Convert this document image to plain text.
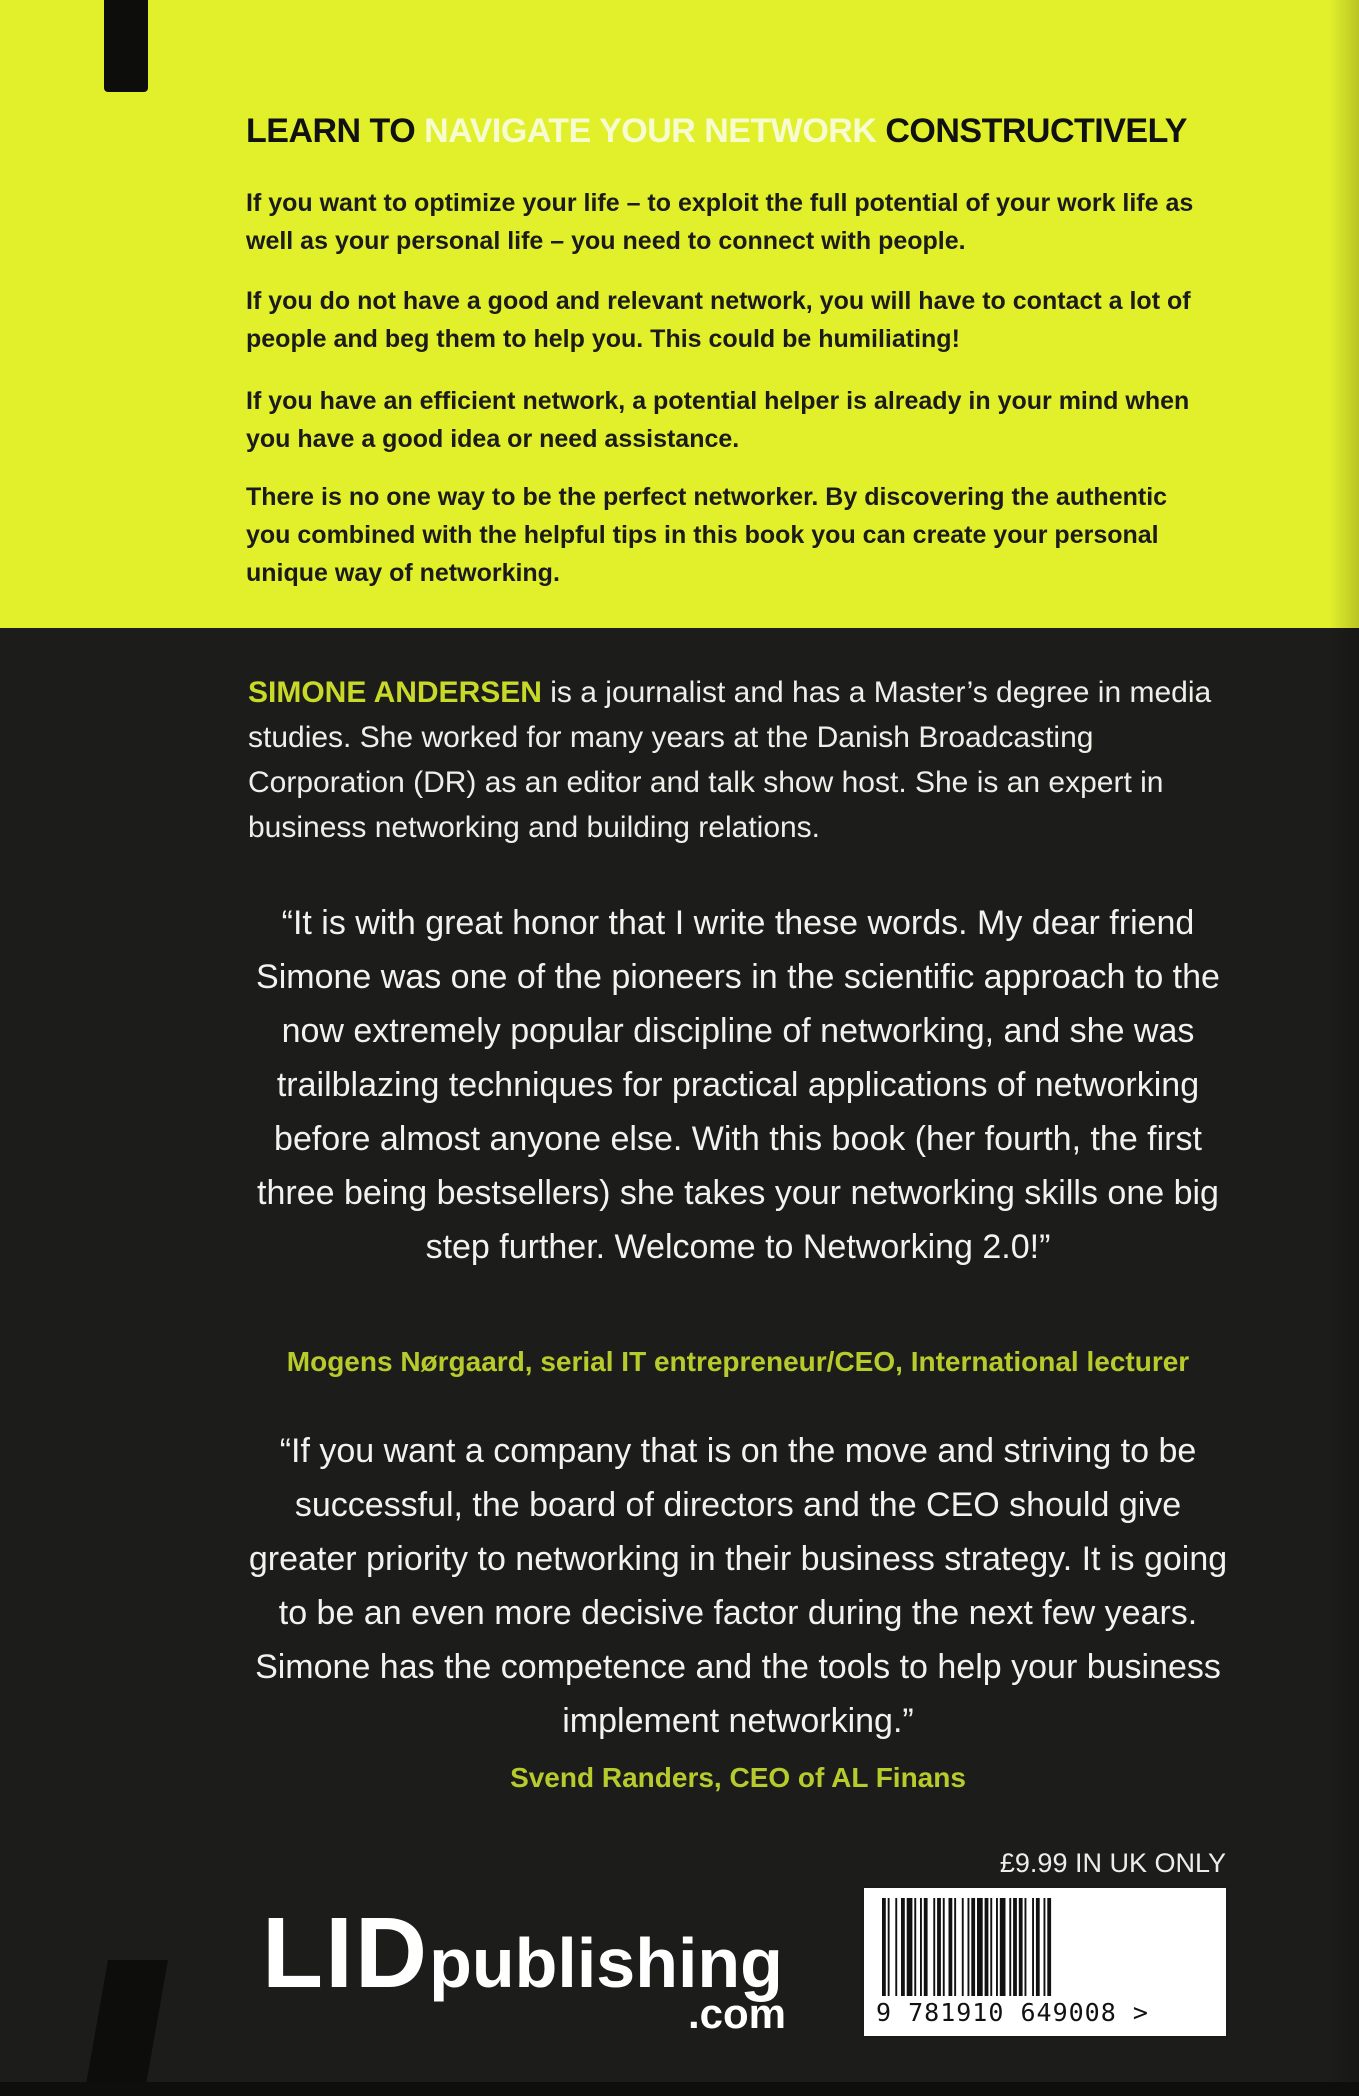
LEARN TO NAVIGATE YOUR NETWORK CONSTRUCTIVELY

If you want to optimize your life – to exploit the full potential of your work life as well as your personal life – you need to connect with people.

If you do not have a good and relevant network, you will have to contact a lot of people and beg them to help you. This could be humiliating!

If you have an efficient network, a potential helper is already in your mind when you have a good idea or need assistance.

There is no one way to be the perfect networker. By discovering the authentic you combined with the helpful tips in this book you can create your personal unique way of networking.

SIMONE ANDERSEN is a journalist and has a Master’s degree in media studies. She worked for many years at the Danish Broadcasting Corporation (DR) as an editor and talk show host. She is an expert in business networking and building relations.

“It is with great honor that I write these words. My dear friend Simone was one of the pioneers in the scientific approach to the now extremely popular discipline of networking, and she was trailblazing techniques for practical applications of networking before almost anyone else. With this book (her fourth, the first three being bestsellers) she takes your networking skills one big step further. Welcome to Networking 2.0!”

Mogens Nørgaard, serial IT entrepreneur/CEO, International lecturer

“If you want a company that is on the move and striving to be successful, the board of directors and the CEO should give greater priority to networking in their business strategy. It is going to be an even more decisive factor during the next few years. Simone has the competence and the tools to help your business implement networking.”

Svend Randers, CEO of AL Finans

£9.99 IN UK ONLY
LIDpublishing
.com	9 781910 649008 >
